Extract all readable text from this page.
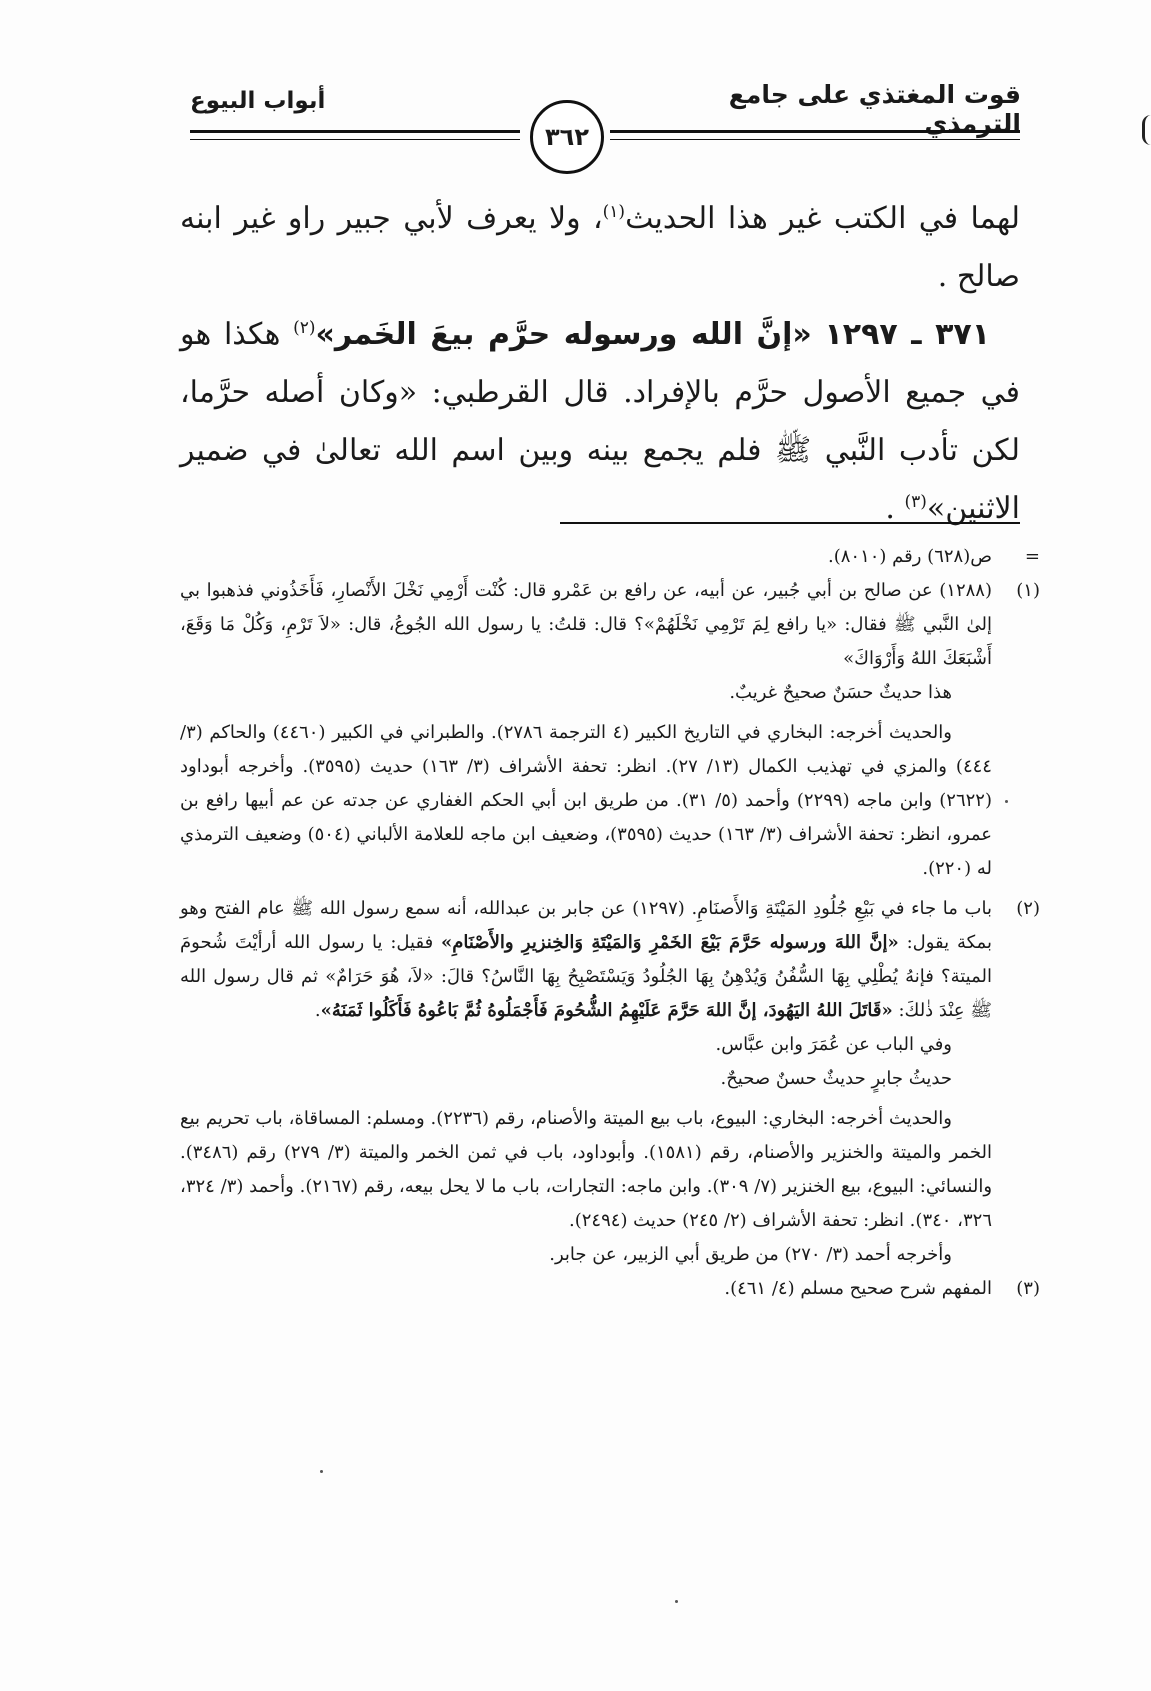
قوت المغتذي على جامع الترمذي
أبواب البيوع
٣٦٢

لهما في الكتب غير هذا الحديث$^{(١)}$، ولا يعرف لأبي جبير راو غير ابنه صالح .

٣٧١ ـ ١٢٩٧ «إنَّ الله ورسوله حرَّم بيعَ الخَمر»$^{(٢)}$ هكذا هو في جميع الأصول حرَّم بالإفراد. قال القرطبي: «وكان أصله حرَّما، لكن تأدب النَّبي ﷺ فلم يجمع بينه وبين اسم الله تعالىٰ في ضمير الاثنين»$^{(٣)}$ .

=

ص(٦٢٨) رقم (٨٠١٠).

(١)

(١٢٨٨) عن صالح بن أبي جُبير، عن أبيه، عن رافع بن عَمْرو قال: كُنْت أَرْمِي نَخْلَ الأَنْصارِ، فَأَخَذُوني فذهبوا بي إلىٰ النَّبي ﷺ فقال: «يا رافع لِمَ تَرْمِي نَخْلَهُمْ»؟ قال: قلتُ: يا رسول الله الجُوعُ، قال: «لاَ تَرْمِ، وَكُلْ مَا وَقَعَ، أَشْبَعَكَ اللهُ وَأَرْوَاكَ»

هذا حديثٌ حسَنٌ صحيحٌ غريبٌ.

والحديث أخرجه: البخاري في التاريخ الكبير (٤ الترجمة ٢٧٨٦). والطبراني في الكبير (٤٤٦٠) والحاكم (٣/ ٤٤٤) والمزي في تهذيب الكمال (١٣/ ٢٧). انظر: تحفة الأشراف (٣/ ١٦٣) حديث (٣٥٩٥). وأخرجه أبوداود (٢٦٢٢) وابن ماجه (٢٢٩٩) وأحمد (٥/ ٣١). من طريق ابن أبي الحكم الغفاري عن جدته عن عم أبيها رافع بن عمرو، انظر: تحفة الأشراف (٣/ ١٦٣) حديث (٣٥٩٥)، وضعيف ابن ماجه للعلامة الألباني (٥٠٤) وضعيف الترمذي له (٢٢٠).

(٢)

باب ما جاء في بَيْعِ جُلُودِ المَيْتَةِ وَالأَصنَامِ. (١٢٩٧) عن جابر بن عبدالله، أنه سمع رسول الله ﷺ عام الفتح وهو بمكة يقول: «إنَّ اللهَ ورسوله حَرَّمَ بَيْعَ الخَمْرِ وَالمَيْتَةِ وَالخِنزيرِ والأَصْنَامِ» فقيل: يا رسول الله أرأيْتَ شُحومَ الميتة؟ فإنهُ يُطْلِي بِهَا السُّفُنُ وَيُدْهِنُ بِهَا الجُلُودُ وَيَسْتَصْبِحُ بِهَا النَّاسُ؟ قالَ: «لاَ، هُوَ حَرَامٌ» ثم قال رسول الله ﷺ عِنْدَ ذٰلكَ: «قَاتَلَ اللهُ اليَهُودَ، إنَّ اللهَ حَرَّمَ عَلَيْهِمُ الشُّحُومَ فَأَجْمَلُوهُ ثُمَّ بَاعُوهُ فَأَكَلُوا ثَمَنَهُ».

وفي الباب عن عُمَرَ وابن عبَّاس.

حديثُ جابرٍ حديثٌ حسنٌ صحيحٌ.

والحديث أخرجه: البخاري: البيوع، باب بيع الميتة والأصنام، رقم (٢٢٣٦). ومسلم: المساقاة، باب تحريم بيع الخمر والميتة والخنزير والأصنام، رقم (١٥٨١). وأبوداود، باب في ثمن الخمر والميتة (٣/ ٢٧٩) رقم (٣٤٨٦). والنسائي: البيوع، بيع الخنزير (٧/ ٣٠٩). وابن ماجه: التجارات، باب ما لا يحل بيعه، رقم (٢١٦٧). وأحمد (٣/ ٣٢٤، ٣٢٦، ٣٤٠). انظر: تحفة الأشراف (٢/ ٢٤٥) حديث (٢٤٩٤).

وأخرجه أحمد (٣/ ٢٧٠) من طريق أبي الزبير، عن جابر.

(٣)

المفهم شرح صحيح مسلم (٤/ ٤٦١).
